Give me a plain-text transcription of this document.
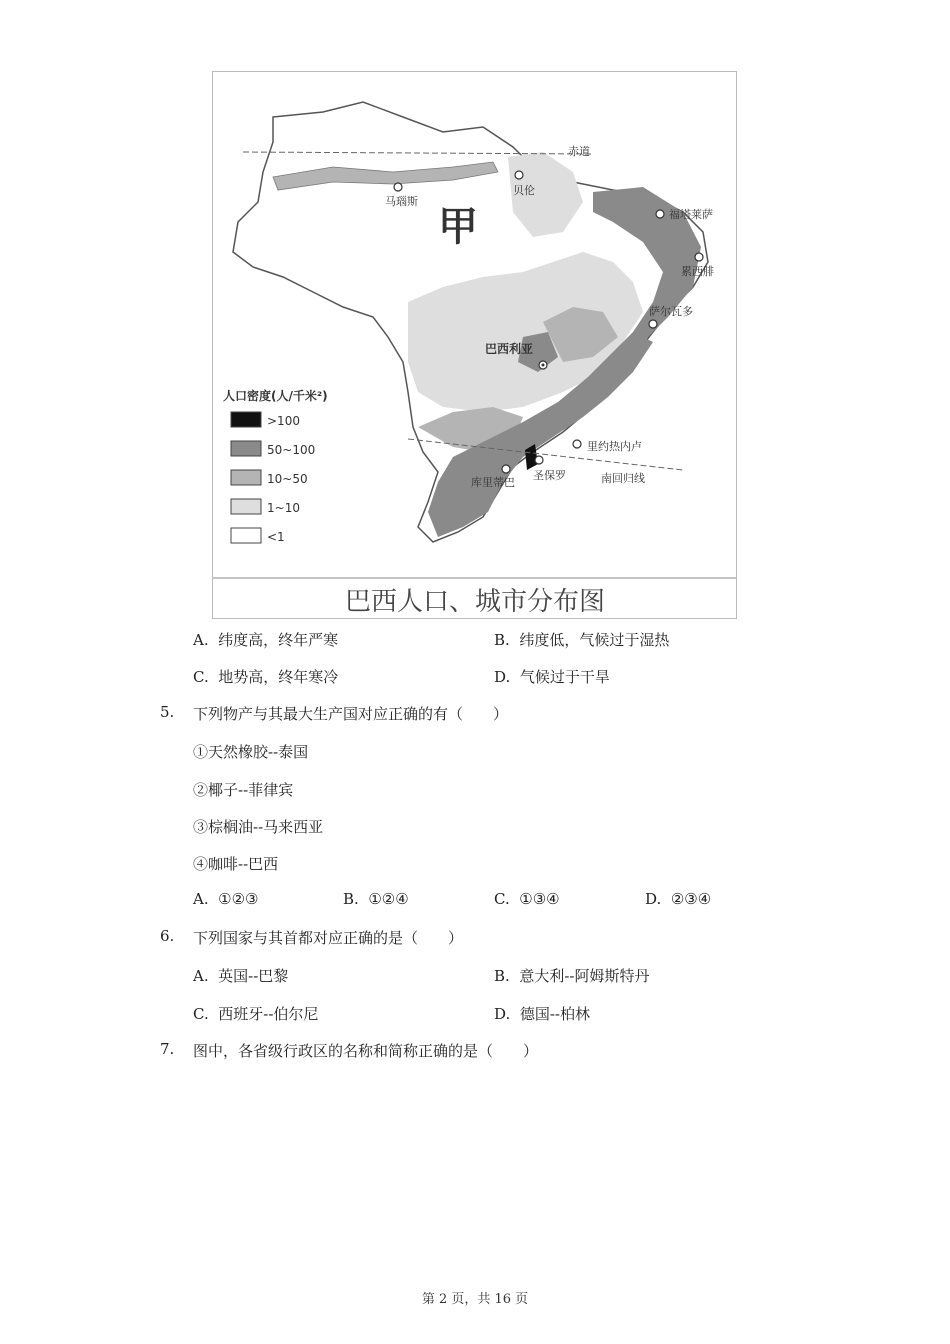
赤道
南回归线
甲
马瑙斯
贝伦
福塔莱萨
累西腓
萨尔瓦多
巴西利亚
里约热内卢
圣保罗
库里蒂巴
人口密度(人/千米²)
>100
50~100
10~50
1~10
<1
巴西人口、城市分布图
A. 纬度高，终年严寒	B. 纬度低，气候过于湿热
C. 地势高，终年寒冷	D. 气候过于干旱
5. 下列物产与其最大生产国对应正确的有（　　）
①天然橡胶--泰国
②椰子--菲律宾
③棕榈油--马来西亚
④咖啡--巴西
A. ①②③	B. ①②④	C. ①③④	D. ②③④
6. 下列国家与其首都对应正确的是（　　）
A. 英国--巴黎	B. 意大利--阿姆斯特丹
C. 西班牙--伯尔尼	D. 德国--柏林
7. 图中，各省级行政区的名称和简称正确的是（　　）
第 2 页，共 16 页
